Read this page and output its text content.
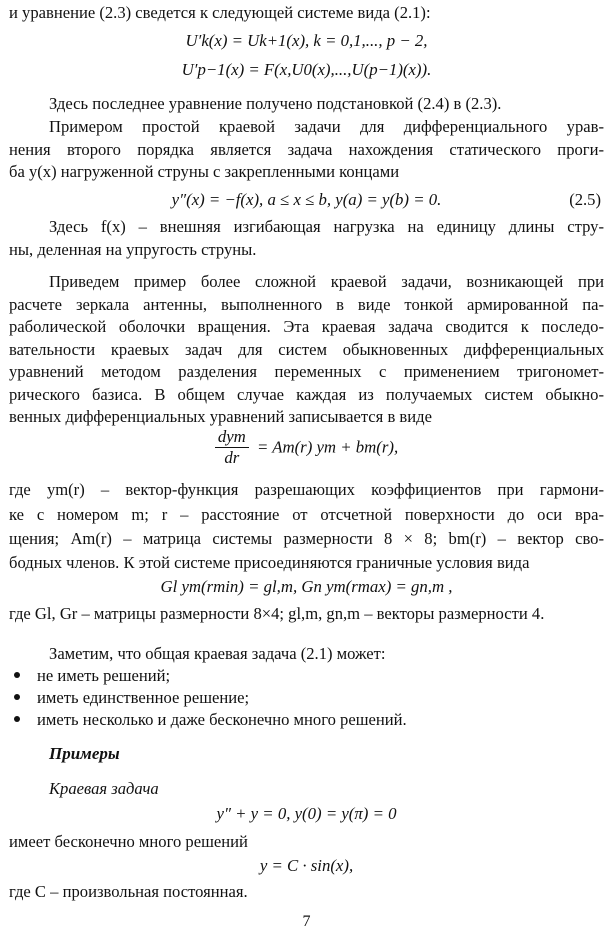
и уравнение (2.3) сведется к следующей системе вида (2.1):
U′k(x) = Uk+1(x), k = 0,1,..., p − 2,
U′p−1(x) = F(x,U0(x),...,U(p−1)(x)).
Здесь последнее уравнение получено подстановкой (2.4) в (2.3).
Примером простой краевой задачи для дифференциального урав-
нения второго порядка является задача нахождения статического проги-
ба y(x) нагруженной струны с закрепленными концами
y″(x) = −f(x), a ≤ x ≤ b, y(a) = y(b) = 0.	(2.5)
Здесь f(x) – внешняя изгибающая нагрузка на единицу длины стру-
ны, деленная на упругость струны.
Приведем пример более сложной краевой задачи, возникающей при
расчете зеркала антенны, выполненного в виде тонкой армированной па-
раболической оболочки вращения. Эта краевая задача сводится к последо-
вательности краевых задач для систем обыкновенных дифференциальных
уравнений методом разделения переменных с применением тригономет-
рического базиса. В общем случае каждая из получаемых систем обыкно-
венных дифференциальных уравнений записывается в виде
$\frac{\text{dym}}{dr} = Am(r)$ ym + bm(r),
где ym(r) – вектор-функция разрешающих коэффициентов при гармони-
ке с номером m; r – расстояние от отсчетной поверхности до оси вра-
щения; Am(r) – матрица системы размерности 8 × 8; bm(r) – вектор сво-
бодных членов. К этой системе присоединяются граничные условия вида
Gl ym(rmin) = gl,m, Gn ym(rmax) = gn,m ,
где Gl, Gr – матрицы размерности 8×4; gl,m, gn,m – векторы размерности 4.
Заметим, что общая краевая задача (2.1) может:
не иметь решений;
иметь единственное решение;
иметь несколько и даже бесконечно много решений.
Примеры
Краевая задача
y″ + y = 0, y(0) = y(π) = 0
имеет бесконечно много решений
y = C · sin(x),
где C – произвольная постоянная.
7
